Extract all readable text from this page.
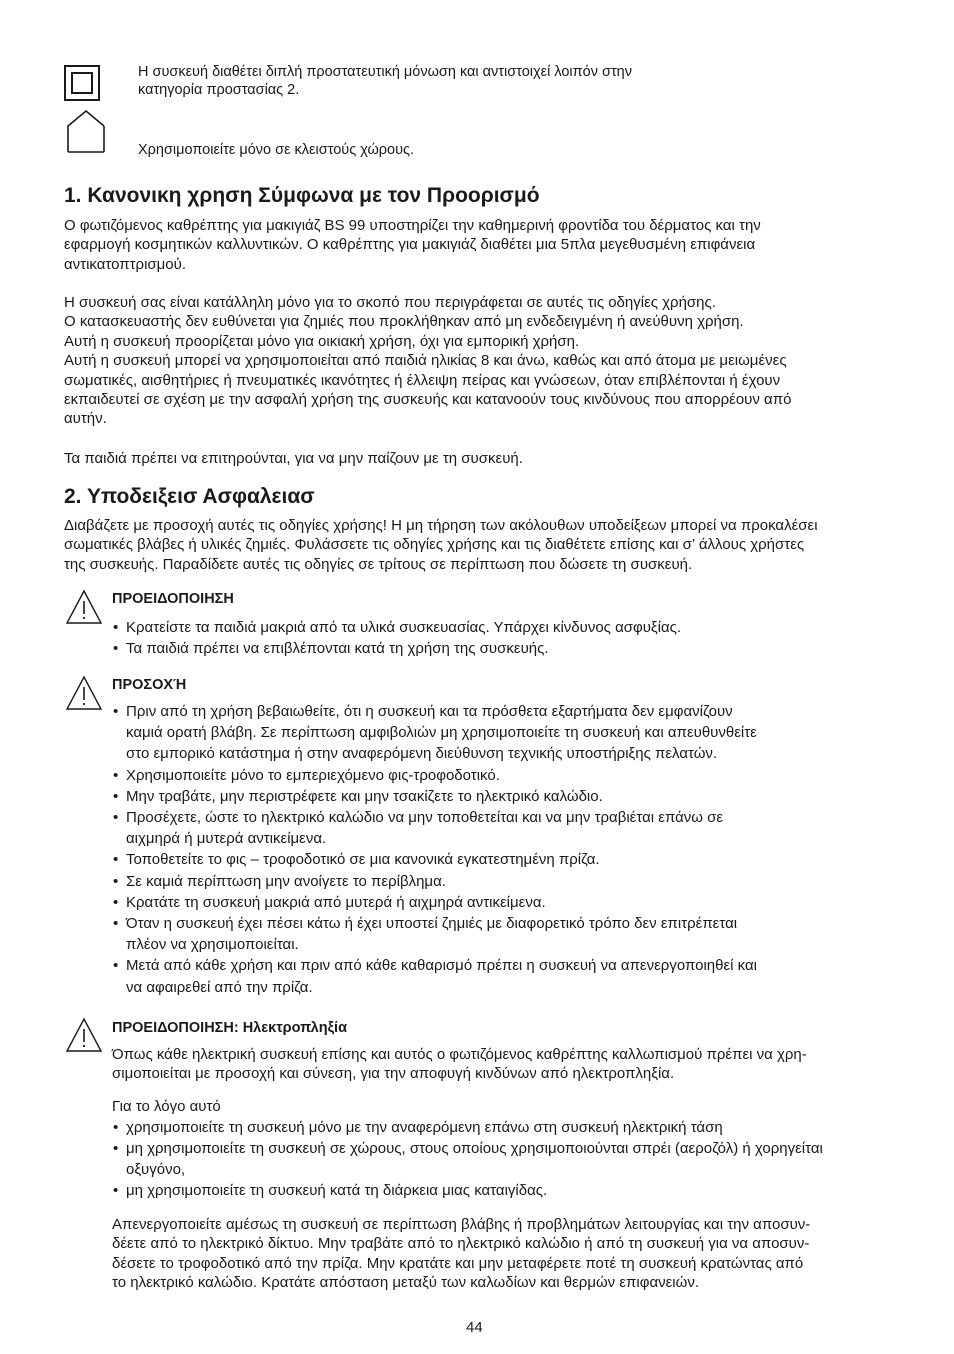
Η συσκευή διαθέτει διπλή προστατευτική μόνωση και αντιστοιχεί λοιπόν στην
κατηγορία προστασίας 2.
Χρησιμοποιείτε μόνο σε κλειστούς χώρους.
1. Κανονικη χρηση Σύμφωνα με τον Προορισμό
Ο φωτιζόμενος καθρέπτης για μακιγιάζ BS 99 υποστηρίζει την καθημερινή φροντίδα του δέρματος και την
εφαρμογή κοσμητικών καλλυντικών. Ο καθρέπτης για μακιγιάζ διαθέτει μια 5πλα μεγεθυσμένη επιφάνεια
αντικατοπτρισμού.
Η συσκευή σας είναι κατάλληλη μόνο για το σκοπό που περιγράφεται σε αυτές τις οδηγίες χρήσης.
Ο κατασκευαστής δεν ευθύνεται για ζημιές που προκλήθηκαν από μη ενδεδειγμένη ή ανεύθυνη χρήση.
Αυτή η συσκευή προορίζεται μόνο για οικιακή χρήση, όχι για εμπορική χρήση.
Αυτή η συσκευή μπορεί να χρησιμοποιείται από παιδιά ηλικίας 8 και άνω, καθώς και από άτομα με μειωμένες
σωματικές, αισθητήριες ή πνευματικές ικανότητες ή έλλειψη πείρας και γνώσεων, όταν επιβλέπονται ή έχουν
εκπαιδευτεί σε σχέση με την ασφαλή χρήση της συσκευής και κατανοούν τους κινδύνους που απορρέουν από
αυτήν.
Τα παιδιά πρέπει να επιτηρούνται, για να μην παίζουν με τη συσκευή.
2. Υποδειξεισ Ασφαλειασ
Διαβάζετε με προσοχή αυτές τις οδηγίες χρήσης! Η μη τήρηση των ακόλουθων υποδείξεων μπορεί να προκαλέσει
σωματικές βλάβες ή υλικές ζημιές. Φυλάσσετε τις οδηγίες χρήσης και τις διαθέτετε επίσης και σ’ άλλους χρήστες
της συσκευής. Παραδίδετε αυτές τις οδηγίες σε τρίτους σε περίπτωση που δώσετε τη συσκευή.
ΠΡΟΕΙΔΟΠΟΙΗΣΗ
• Κρατείστε τα παιδιά μακριά από τα υλικά συσκευασίας. Υπάρχει κίνδυνος ασφυξίας.
• Τα παιδιά πρέπει να επιβλέπονται κατά τη χρήση της συσκευής.
ΠΡΟΣΟΧΉ
• Πριν από τη χρήση βεβαιωθείτε, ότι η συσκευή και τα πρόσθετα εξαρτήματα δεν εμφανίζουν
καμιά ορατή βλάβη. Σε περίπτωση αμφιβολιών μη χρησιμοποιείτε τη συσκευή και απευθυνθείτε
στο εμπορικό κατάστημα ή στην αναφερόμενη διεύθυνση τεχνικής υποστήριξης πελατών.
• Χρησιμοποιείτε μόνο το εμπεριεχόμενο φις-τροφοδοτικό.
• Μην τραβάτε, μην περιστρέφετε και μην τσακίζετε το ηλεκτρικό καλώδιο.
• Προσέχετε, ώστε το ηλεκτρικό καλώδιο να μην τοποθετείται και να μην τραβιέται επάνω σε
αιχμηρά ή μυτερά αντικείμενα.
• Τοποθετείτε το φις – τροφοδοτικό σε μια κανονικά εγκατεστημένη πρίζα.
• Σε καμιά περίπτωση μην ανοίγετε το περίβλημα.
• Κρατάτε τη συσκευή μακριά από μυτερά ή αιχμηρά αντικείμενα.
• Όταν η συσκευή έχει πέσει κάτω ή έχει υποστεί ζημιές με διαφορετικό τρόπο δεν επιτρέπεται
πλέον να χρησιμοποιείται.
• Μετά από κάθε χρήση και πριν από κάθε καθαρισμό πρέπει η συσκευή να απενεργοποιηθεί και
να αφαιρεθεί από την πρίζα.
ΠΡΟΕΙΔΟΠΟΙΗΣΗ: Ηλεκτροπληξία
Όπως κάθε ηλεκτρική συσκευή επίσης και αυτός ο φωτιζόμενος καθρέπτης καλλωπισμού πρέπει να χρη-
σιμοποιείται με προσοχή και σύνεση, για την αποφυγή κινδύνων από ηλεκτροπληξία.
Για το λόγο αυτό
• χρησιμοποιείτε τη συσκευή μόνο με την αναφερόμενη επάνω στη συσκευή ηλεκτρική τάση
• μη χρησιμοποιείτε τη συσκευή σε χώρους, στους οποίους χρησιμοποιούνται σπρέι (αεροζόλ) ή χορηγείται
οξυγόνο,
• μη χρησιμοποιείτε τη συσκευή κατά τη διάρκεια μιας καταιγίδας.
Απενεργοποιείτε αμέσως τη συσκευή σε περίπτωση βλάβης ή προβλημάτων λειτουργίας και την αποσυν-
δέετε από το ηλεκτρικό δίκτυο. Μην τραβάτε από το ηλεκτρικό καλώδιο ή από τη συσκευή για να αποσυν-
δέσετε το τροφοδοτικό από την πρίζα. Μην κρατάτε και μην μεταφέρετε ποτέ τη συσκευή κρατώντας από
το ηλεκτρικό καλώδιο. Κρατάτε απόσταση μεταξύ των καλωδίων και θερμών επιφανειών.
44
